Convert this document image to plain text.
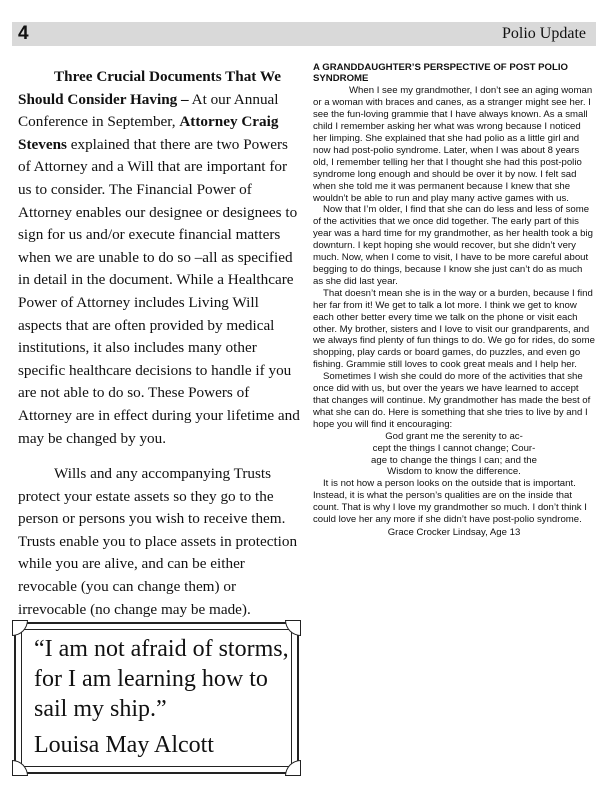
4	Polio Update

Three Crucial Documents That We Should Consider Having – At our Annual Conference in September, Attorney Craig Stevens explained that there are two Powers of Attorney and a Will that are important for us to consider. The Financial Power of Attorney enables our designee or designees to sign for us and/or execute financial matters when we are unable to do so –all as specified in detail in the document. While a Healthcare Power of Attorney includes Living Will aspects that are often provided by medical institutions, it also includes many other specific healthcare decisions to handle if you are not able to do so. These Powers of Attorney are in effect during your lifetime and may be changed by you.

Wills and any accompanying Trusts protect your estate assets so they go to the person or persons you wish to receive them. Trusts enable you to place assets in protection while you are alive, and can be either revocable (you can change them) or irrevocable (no change may be made).

“I am not afraid of storms, for I am learning how to sail my ship.”
Louisa May Alcott
A GRANDDAUGHTER’S PERSPECTIVE OF POST POLIO SYNDROME

When I see my grandmother, I don’t see an aging woman or a woman with braces and canes, as a stranger might see her. I see the fun-loving grammie that I have always known. As a small child I remember asking her what was wrong because I noticed her limping. She explained that she had polio as a little girl and now had post-polio syndrome. Later, when I was about 8 years old, I remember telling her that I thought she had this post-polio syndrome long enough and should be over it by now. I felt sad when she told me it was permanent because I knew that she wouldn’t be able to run and play many active games with us.

Now that I’m older, I find that she can do less and less of some of the activities that we once did together. The early part of this year was a hard time for my grandmother, as her health took a big downturn. I kept hoping she would recover, but she didn’t very much. Now, when I come to visit, I have to be more careful about begging to do things, because I know she just can’t do as much as she did last year.

That doesn’t mean she is in the way or a burden, because I find her far from it! We get to talk a lot more. I think we get to know each other better every time we talk on the phone or visit each other. My brother, sisters and I love to visit our grandparents, and we always find plenty of fun things to do. We go for rides, do some shopping, play cards or board games, do puzzles, and even go fishing. Grammie still loves to cook great meals and I help her.

Sometimes I wish she could do more of the activities that she once did with us, but over the years we have learned to accept that changes will continue. My grandmother has made the best of what she can do. Here is something that she tries to live by and I hope you will find it encouraging:

God grant me the serenity to ac-
cept the things I cannot change; Cour-
age to change the things I can; and the
Wisdom to know the difference.

It is not how a person looks on the outside that is important. Instead, it is what the person’s qualities are on the inside that count. That is why I love my grandmother so much. I don’t think I could love her any more if she didn’t have post-polio syndrome.

Grace Crocker Lindsay, Age 13
